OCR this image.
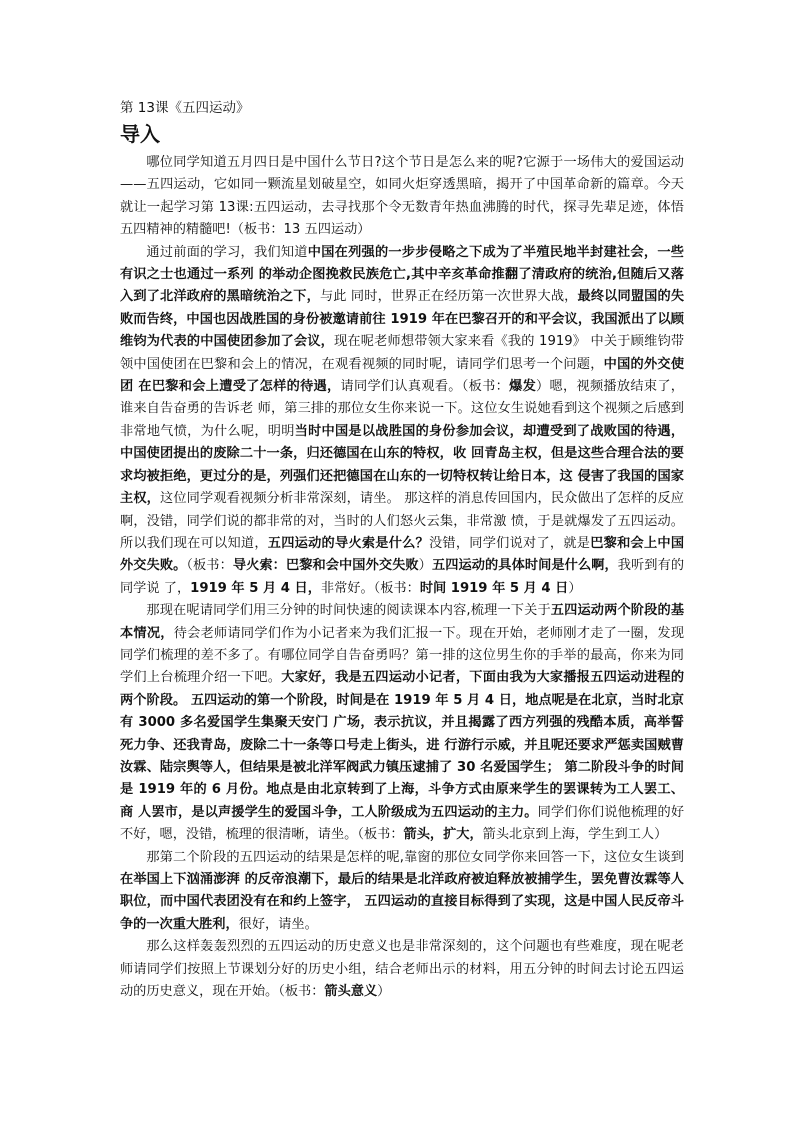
第 13课《五四运动》
导入

哪位同学知道五月四日是中国什么节日?这个节日是怎么来的呢?它源于一场伟大的爱国运动——五四运动，它如同一颗流星划破星空，如同火炬穿透黑暗，揭开了中国革命新的篇章。今天就让一起学习第 13课:五四运动，去寻找那个令无数青年热血沸腾的时代，探寻先辈足迹，体悟五四精神的精髓吧!（板书：13 五四运动）

通过前面的学习，我们知道中国在列强的一步步侵略之下成为了半殖民地半封建社会，一些有识之士也通过一系列 的举动企图挽救民族危亡,其中辛亥革命推翻了清政府的统治,但随后又落入到了北洋政府的黑暗统治之下，与此 同时，世界正在经历第一次世界大战，最终以同盟国的失败而告终，中国也因战胜国的身份被邀请前往 1919 年在巴黎召开的和平会议，我国派出了以顾维钧为代表的中国使团参加了会议，现在呢老师想带领大家来看《我的 1919》 中关于顾维钧带领中国使团在巴黎和会上的情况，在观看视频的同时呢，请同学们思考一个问题，中国的外交使团 在巴黎和会上遭受了怎样的待遇，请同学们认真观看。（板书：爆发）嗯，视频播放结束了，谁来自告奋勇的告诉老 师，第三排的那位女生你来说一下。这位女生说她看到这个视频之后感到非常地气愤，为什么呢，明明当时中国是以战胜国的身份参加会议，却遭受到了战败国的待遇，中国使团提出的废除二十一条，归还德国在山东的特权，收 回青岛主权，但是这些合理合法的要求均被拒绝，更过分的是，列强们还把德国在山东的一切特权转让给日本，这 侵害了我国的国家主权，这位同学观看视频分析非常深刻，请坐。 那这样的消息传回国内，民众做出了怎样的反应啊，没错，同学们说的都非常的对，当时的人们怒火云集，非常激 愤，于是就爆发了五四运动。所以我们现在可以知道，五四运动的导火索是什么？没错，同学们说对了，就是巴黎和会上中国外交失败。（板书：导火索：巴黎和会中国外交失败）五四运动的具体时间是什么啊，我听到有的同学说 了，1919 年 5 月 4 日，非常好。（板书：时间 1919 年 5 月 4 日）

那现在呢请同学们用三分钟的时间快速的阅读课本内容,梳理一下关于五四运动两个阶段的基本情况，待会老师请同学们作为小记者来为我们汇报一下。现在开始，老师刚才走了一圈，发现同学们梳理的差不多了。有哪位同学自告奋勇吗？第一排的这位男生你的手举的最高，你来为同学们上台梳理介绍一下吧。大家好，我是五四运动小记者，下面由我为大家播报五四运动进程的两个阶段。 五四运动的第一个阶段，时间是在 1919 年 5 月 4 日，地点呢是在北京，当时北京有 3000 多名爱国学生集聚天安门 广场，表示抗议，并且揭露了西方列强的残酷本质，高举誓死力争、还我青岛，废除二十一条等口号走上街头，进 行游行示威，并且呢还要求严惩卖国贼曹汝霖、陆宗舆等人，但结果是被北洋军阀武力镇压逮捕了 30 名爱国学生； 第二阶段斗争的时间是 1919 年的 6 月份。地点是由北京转到了上海，斗争方式由原来学生的罢课转为工人罢工、商 人罢市，是以声援学生的爱国斗争，工人阶级成为五四运动的主力。同学们你们说他梳理的好不好，嗯，没错，梳理的很清晰，请坐。（板书：箭头，扩大，箭头北京到上海，学生到工人）

那第二个阶段的五四运动的结果是怎样的呢,靠窗的那位女同学你来回答一下，这位女生谈到在举国上下汹涌澎湃 的反帝浪潮下，最后的结果是北洋政府被迫释放被捕学生，罢免曹汝霖等人职位，而中国代表团没有在和约上签字， 五四运动的直接目标得到了实现，这是中国人民反帝斗争的一次重大胜利，很好，请坐。

那么这样轰轰烈烈的五四运动的历史意义也是非常深刻的，这个问题也有些难度，现在呢老师请同学们按照上节课划分好的历史小组，结合老师出示的材料，用五分钟的时间去讨论五四运动的历史意义，现在开始。（板书：箭头意义）
